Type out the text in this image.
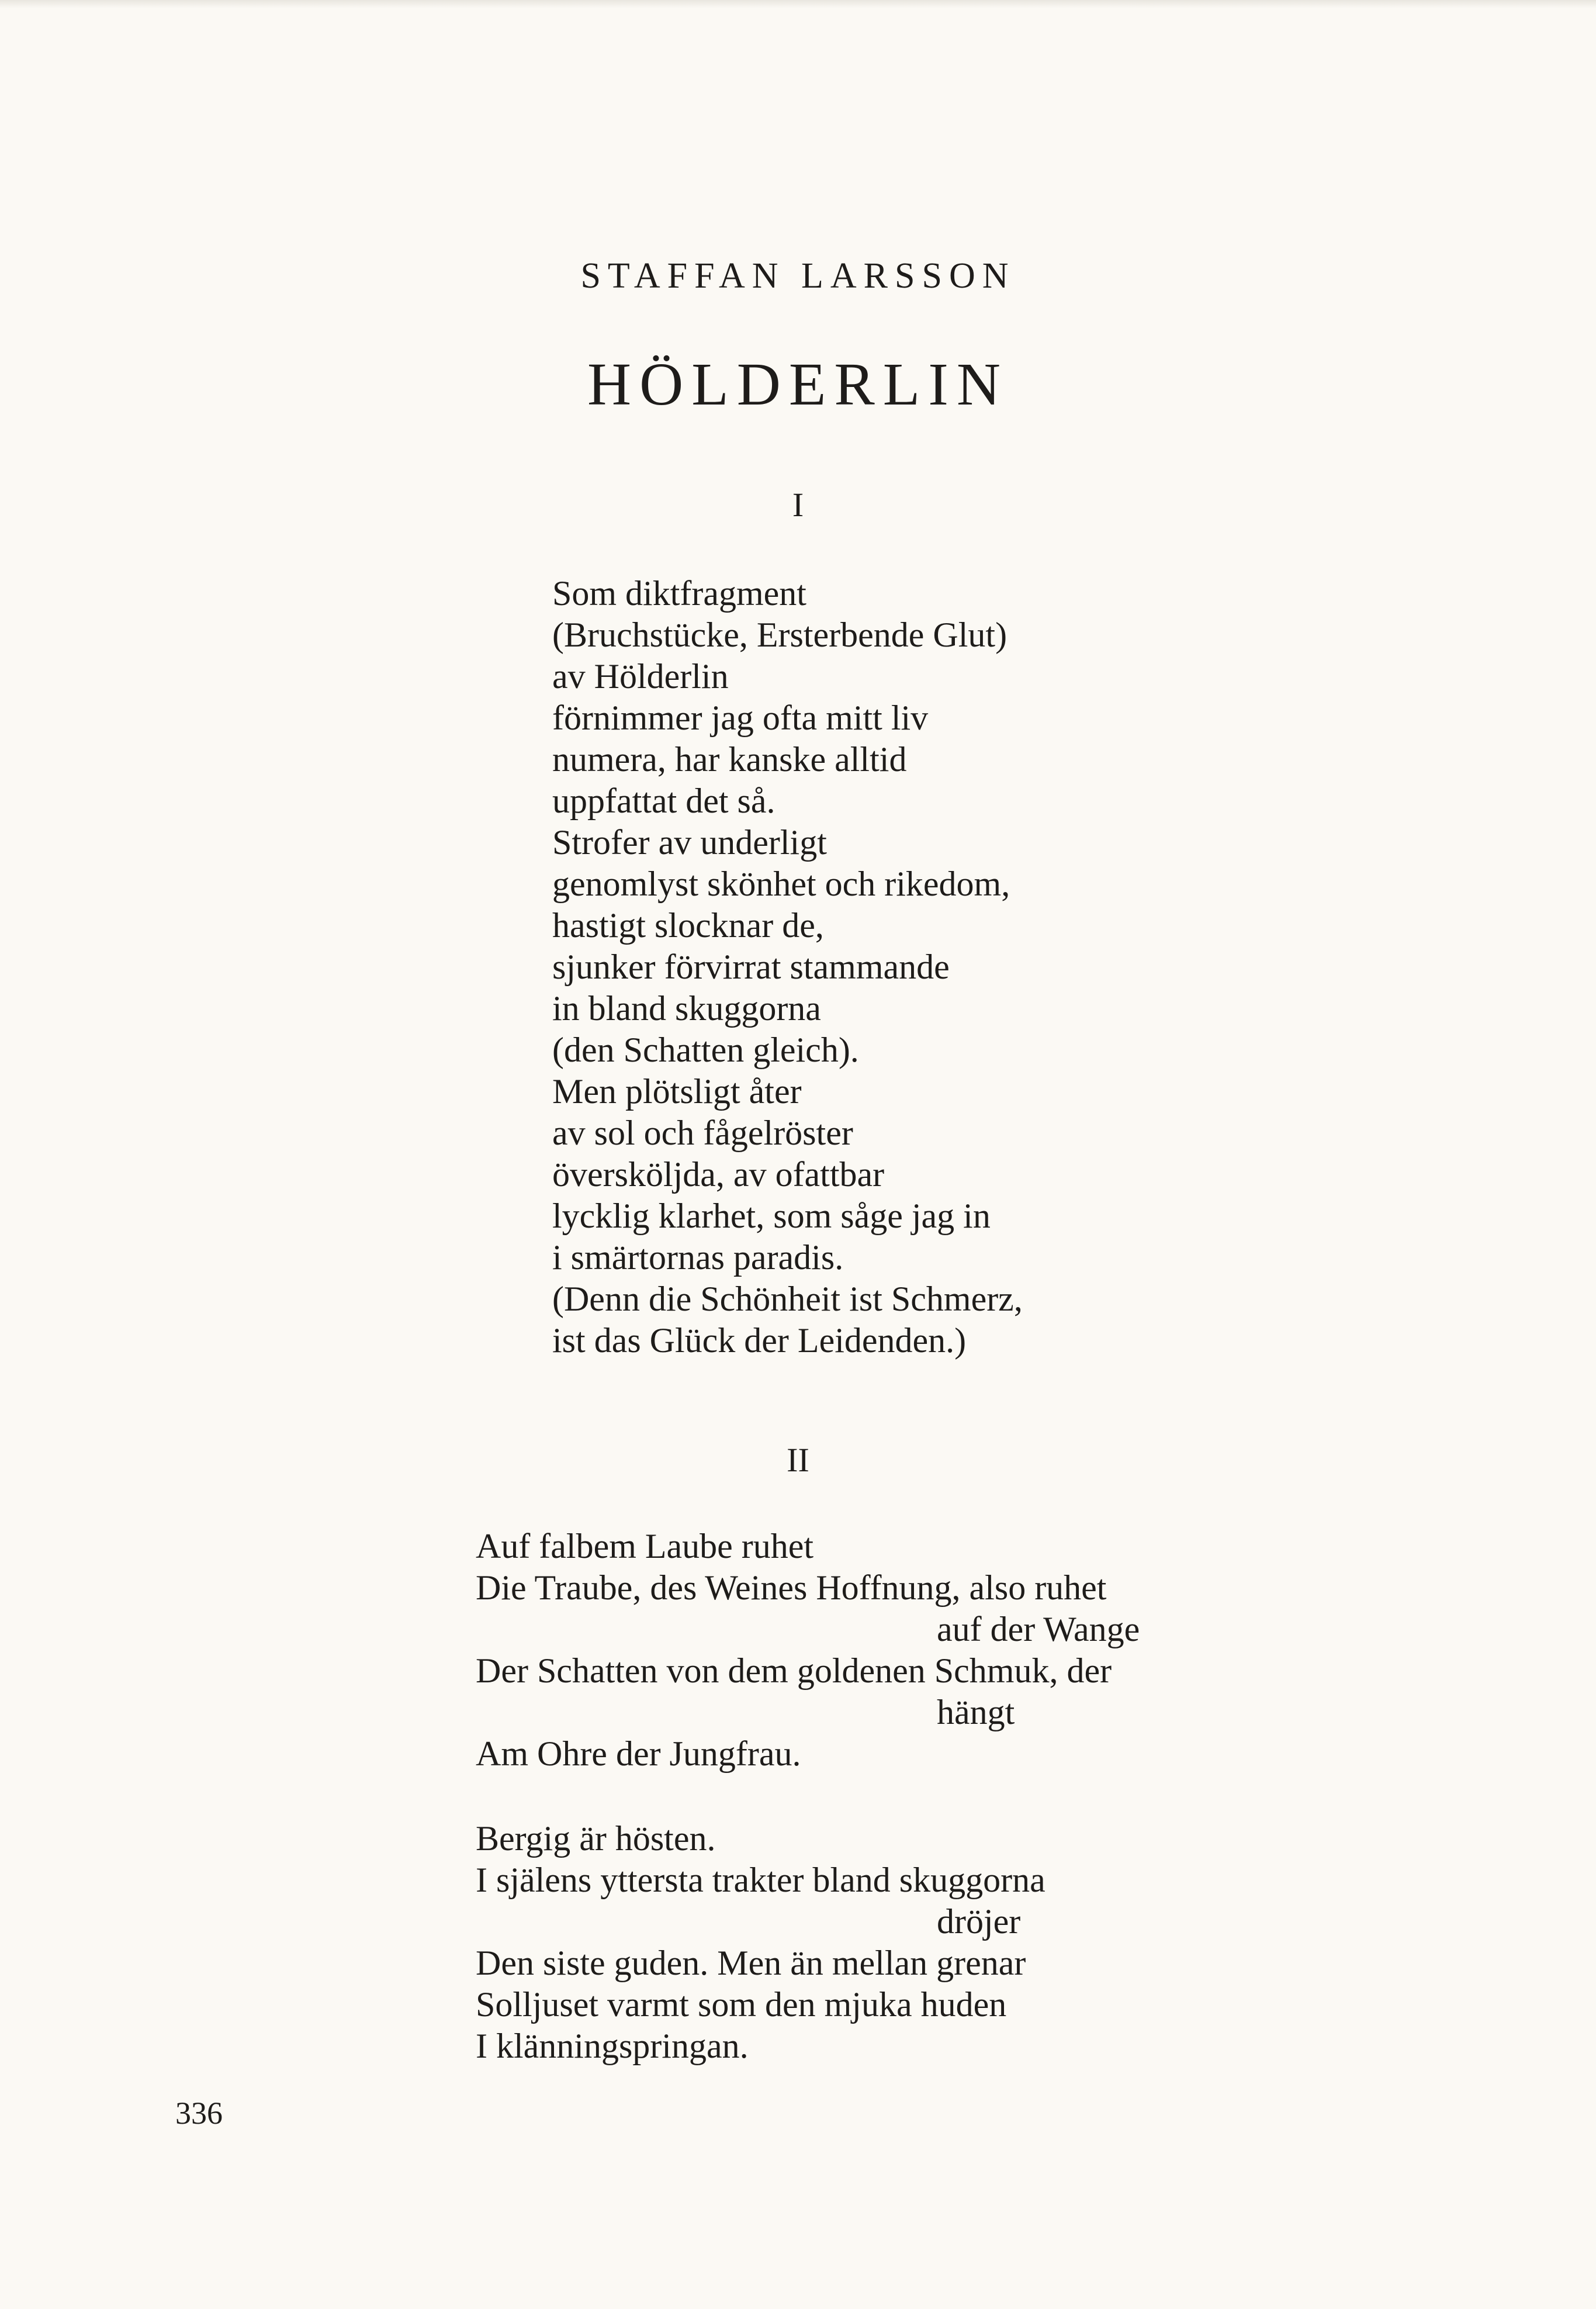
STAFFAN LARSSON
HÖLDERLIN
I
Som diktfragment
(Bruchstücke, Ersterbende Glut)
av Hölderlin
förnimmer jag ofta mitt liv
numera, har kanske alltid
uppfattat det så.
Strofer av underligt
genomlyst skönhet och rikedom,
hastigt slocknar de,
sjunker förvirrat stammande
in bland skuggorna
(den Schatten gleich).
Men plötsligt åter
av sol och fågelröster
översköljda, av ofattbar
lycklig klarhet, som såge jag in
i smärtornas paradis.
(Denn die Schönheit ist Schmerz,
ist das Glück der Leidenden.)
II
Auf falbem Laube ruhet
Die Traube, des Weines Hoffnung, also ruhet
auf der Wange
Der Schatten von dem goldenen Schmuk, der
hängt
Am Ohre der Jungfrau.
Bergig är hösten.
I själens yttersta trakter bland skuggorna
dröjer
Den siste guden. Men än mellan grenar
Solljuset varmt som den mjuka huden
I klänningspringan.
336
